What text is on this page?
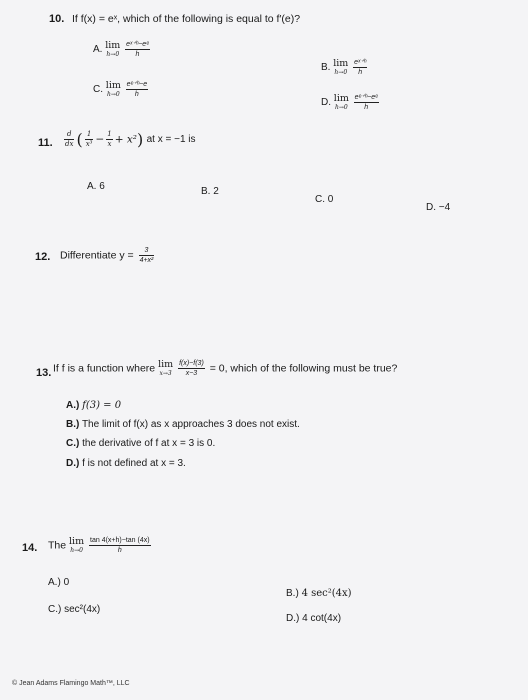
10. If f(x) = eˣ, which of the following is equal to f′(e)?
A. lim
h→0
$\frac{\text{eˣ⁺ʰ−eᵉ}}{h}$
B. lim
h→0
$\frac{\text{eˣ⁺ʰ}}{h}$
C. lim
h→0
$\frac{\text{eᵉ⁺ʰ−e}}{h}$
D. lim
h→0
$\frac{\text{eᵉ⁺ʰ−eᵉ}}{h}$
11. $\frac{d}{dx}$ ( $\frac{1}{\text{x³}} - \frac{1}{x} + x^2$) at x = −1 is
A. 6	B. 2
C. 0
D. −4
12. Differentiate $y = \frac{3}{\text{4+x²}}$
13. If f is a function where lim
x→3
$\frac{f(x)-f(3)}{x-3} = 0$, which of the following must be true?
A.) f(3) = 0
B.) The limit of f(x) as x approaches 3 does not exist.
C.) the derivative of f at x = 3 is 0.
D.) f is not defined at x = 3.
14. The lim
h→0
$\frac{\tan 4(x+h)-\tan (4x)}{h}$
A.) 0
B.) 4 sec²(4x)
C.) sec²(4x)
D.) 4 cot(4x)
© Jean Adams Flamingo Math™, LLC
